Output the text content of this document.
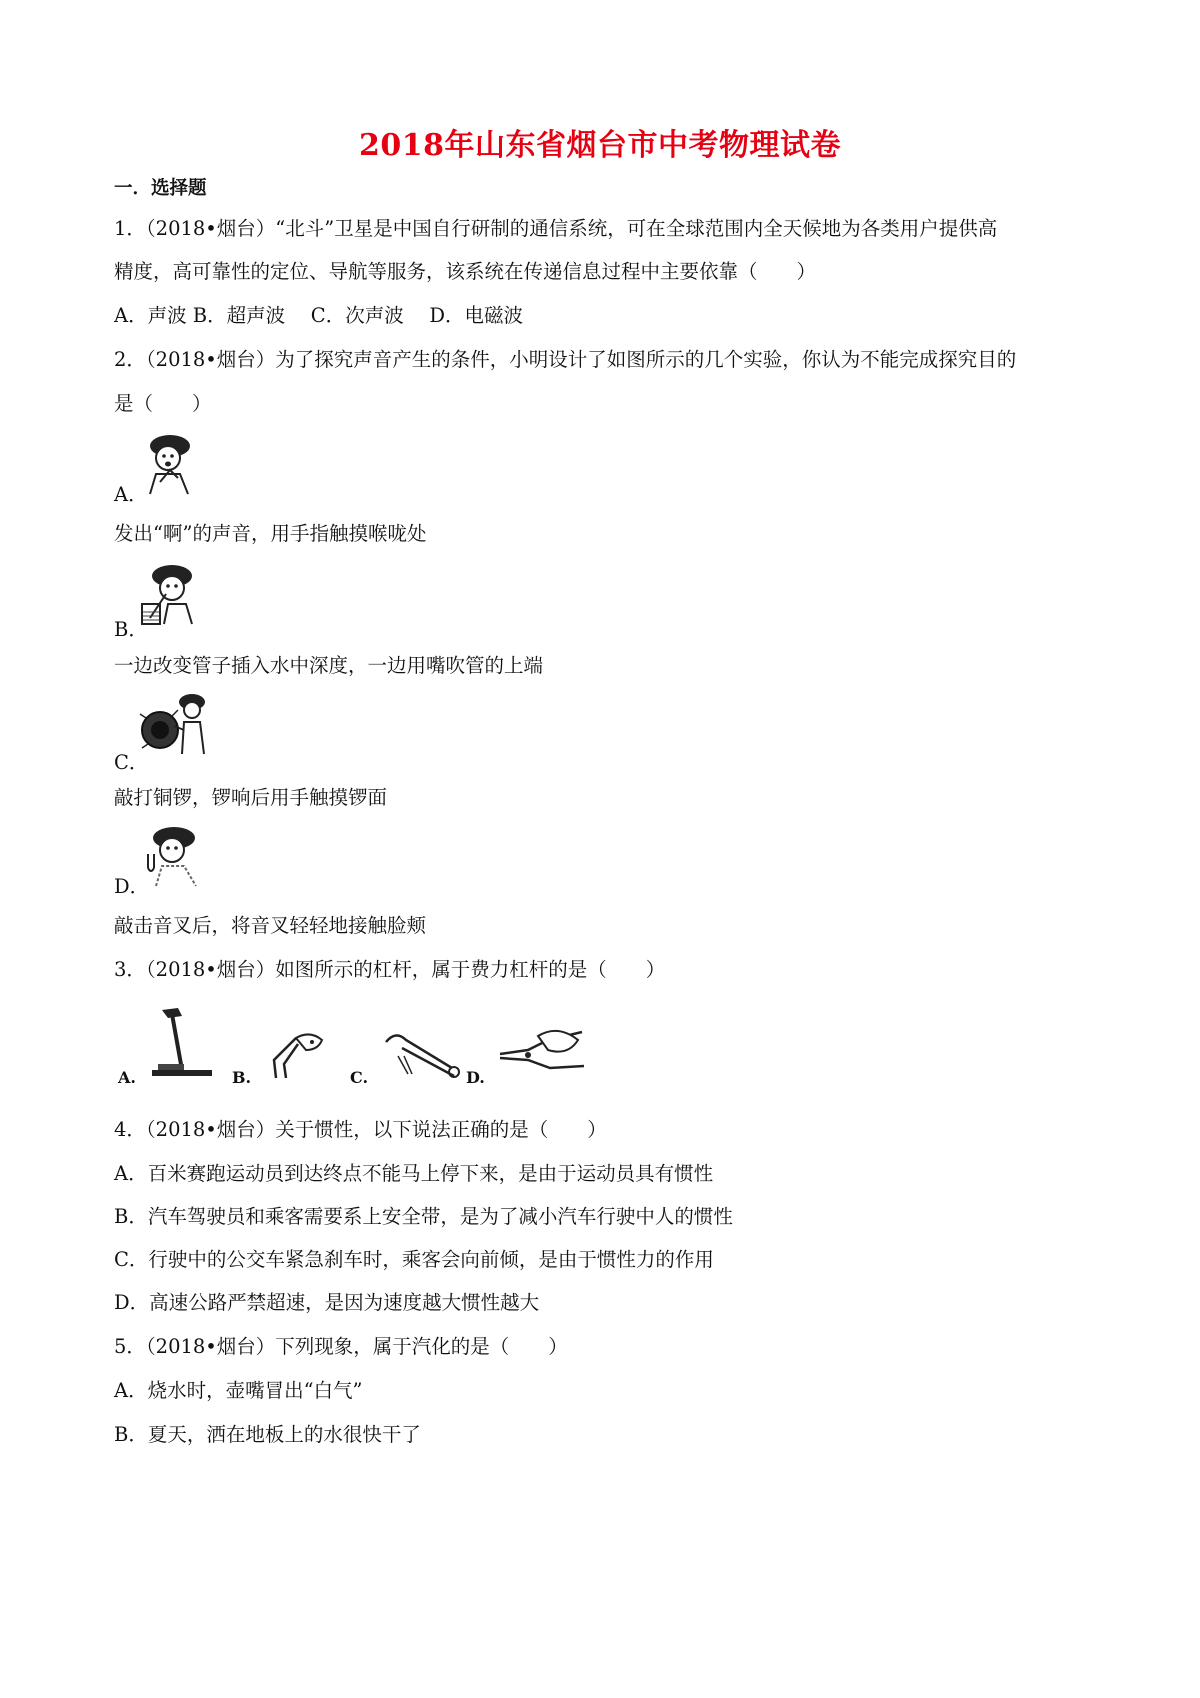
2018年山东省烟台市中考物理试卷
一．选择题
1．（2018•烟台）“北斗”卫星是中国自行研制的通信系统，可在全球范围内全天候地为各类用户提供高
精度，高可靠性的定位、导航等服务，该系统在传递信息过程中主要依靠（　　）
A．声波 B．超声波　 C．次声波　 D．电磁波
2．（2018•烟台）为了探究声音产生的条件，小明设计了如图所示的几个实验，你认为不能完成探究目的
是（　　）
A．
发出“啊”的声音，用手指触摸喉咙处
B．
一边改变管子插入水中深度，一边用嘴吹管的上端
C．
敲打铜锣，锣响后用手触摸锣面
D．
敲击音叉后，将音叉轻轻地接触脸颊
3．（2018•烟台）如图所示的杠杆，属于费力杠杆的是（　　）
A.	B.	C.	D.
4．（2018•烟台）关于惯性，以下说法正确的是（　　）
A．百米赛跑运动员到达终点不能马上停下来，是由于运动员具有惯性
B．汽车驾驶员和乘客需要系上安全带，是为了减小汽车行驶中人的惯性
C．行驶中的公交车紧急刹车时，乘客会向前倾，是由于惯性力的作用
D．高速公路严禁超速，是因为速度越大惯性越大
5．（2018•烟台）下列现象，属于汽化的是（　　）
A．烧水时，壶嘴冒出“白气”
B．夏天，洒在地板上的水很快干了
